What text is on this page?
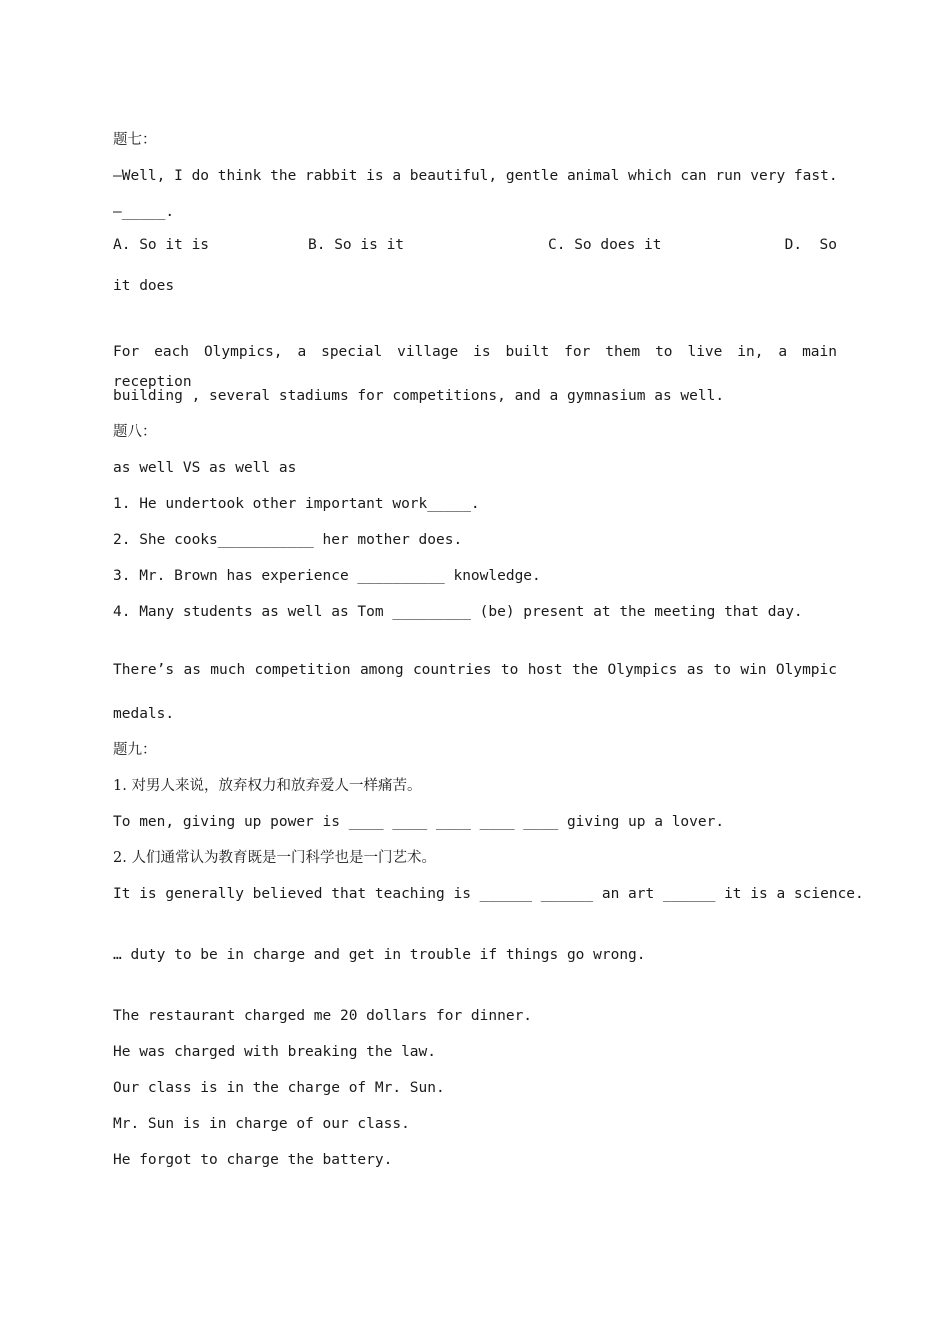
题七：
—Well, I do think the rabbit is a beautiful, gentle animal which can run very fast.
—_____.
A. So it is	B. So is it	C. So does it	D.  So
it does
For each Olympics, a special village is built for them to live in, a main reception
building , several stadiums for competitions, and a gymnasium as well.
题八：
as well VS as well as
1. He undertook other important work_____.
2. She cooks___________ her mother does.
3. Mr. Brown has experience __________ knowledge.
4. Many students as well as Tom _________ (be) present at the meeting that day.
There’s as much competition among countries to host the Olympics as to win Olympic
medals.
题九：
1. 对男人来说，放弃权力和放弃爱人一样痛苦。
To men, giving up power is ____ ____ ____ ____ ____ giving up a lover.
2. 人们通常认为教育既是一门科学也是一门艺术。
It is generally believed that teaching is ______ ______ an art ______ it is a science.
… duty to be in charge and get in trouble if things go wrong.
The restaurant charged me 20 dollars for dinner.
He was charged with breaking the law.
Our class is in the charge of Mr. Sun.
Mr. Sun is in charge of our class.
He forgot to charge the battery.
